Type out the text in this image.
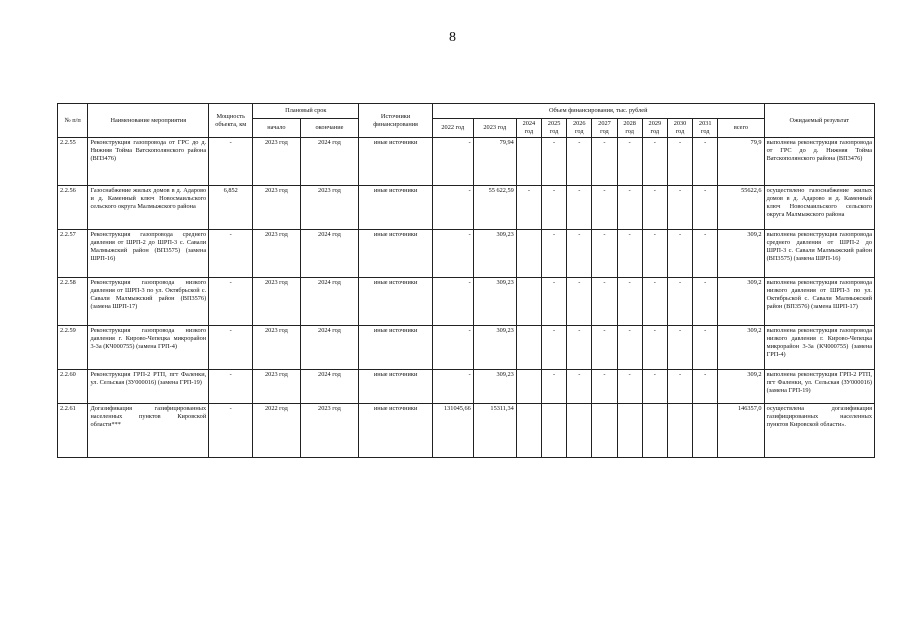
8
№ п/п	Наименование мероприятия	Мощность объекта, км	Плановый срок		Источники финансирования	Объем финансирования, тыс. рублей											Ожидаемый результат
			начало	окончание		2022 год	2023 год	2024 год	2025 год	2026 год	2027 год	2028 год	2029 год	2030 год	2031 год	всего	
2.2.55	Реконструкция газопровода от ГРС до д. Нижняя Тойма Ватскополянского района (ВП3476)	-	2023 год	2024 год	иные источники	-	79,94		-	-	-	-	-	-	-	79,9	выполнена реконструкция газопровода от ГРС до д. Нижняя Тойма Ватскополянского района (ВП3476)
2.2.56	Газоснабжение жилых домов в д. Адарово и д. Каменный ключ Новосмаильского сельского округа Малмыжского района	6,852	2023 год	2023 год	иные источники	-	55 622,59	-	-	-	-	-	-	-	-	55622,6	осуществлено газоснабжение жилых домов в д. Адарово и д. Каменный ключ Новосмаильского сельского округа Малмыжского района
2.2.57	Реконструкция газопровода среднего давления от ШРП-2 до ШРП-3 с. Савали Малмыжский район (ВП3575) (замена ШРП-16)	-	2023 год	2024 год	иные источники	-	309,23		-	-	-	-	-	-	-	309,2	выполнена реконструкция газопровода среднего давления от ШРП-2 до ШРП-3 с. Савали Малмыжский район (ВП3575) (замена ШРП-16)
2.2.58	Реконструкция газопровода низкого давления от ШРП-3 по ул. Октябрьской с. Савали Малмыжский район (ВП3576) (замена ШРП-17)	-	2023 год	2024 год	иные источники	-	309,23		-	-	-	-	-	-	-	309,2	выполнена реконструкция газопровода низкого давления от ШРП-3 по ул. Октябрьской с. Савали Малмыжский район (ВП3576) (замена ШРП-17)
2.2.59	Реконструкция газопровода низкого давления г. Кирово-Чепецка микрорайон 3-3а (КЧ000755) (замена ГРП-4)	-	2023 год	2024 год	иные источники	-	309,23		-	-	-	-	-	-	-	309,2	выполнена реконструкция газопровода низкого давления г. Кирово-Чепецка микрорайон 3-3а (КЧ000755) (замена ГРП-4)
2.2.60	Реконструкция ГРП-2 РТП, пгт Фаленки, ул. Сельская (ЗУ000016) (замена ГРП-19)	-	2023 год	2024 год	иные источники	-	309,23		-	-	-	-	-	-	-	309,2	выполнена реконструкция ГРП-2 РТП, пгт Фаленки, ул. Сельская (ЗУ000016) (замена ГРП-19)
2.2.61	Догазификация газифицированных населенных пунктов Кировской области***	-	2022 год	2023 год	иные источники	131045,66	15311,34									146357,0	осуществлена догазификация газифицированных населенных пунктов Кировской области».
